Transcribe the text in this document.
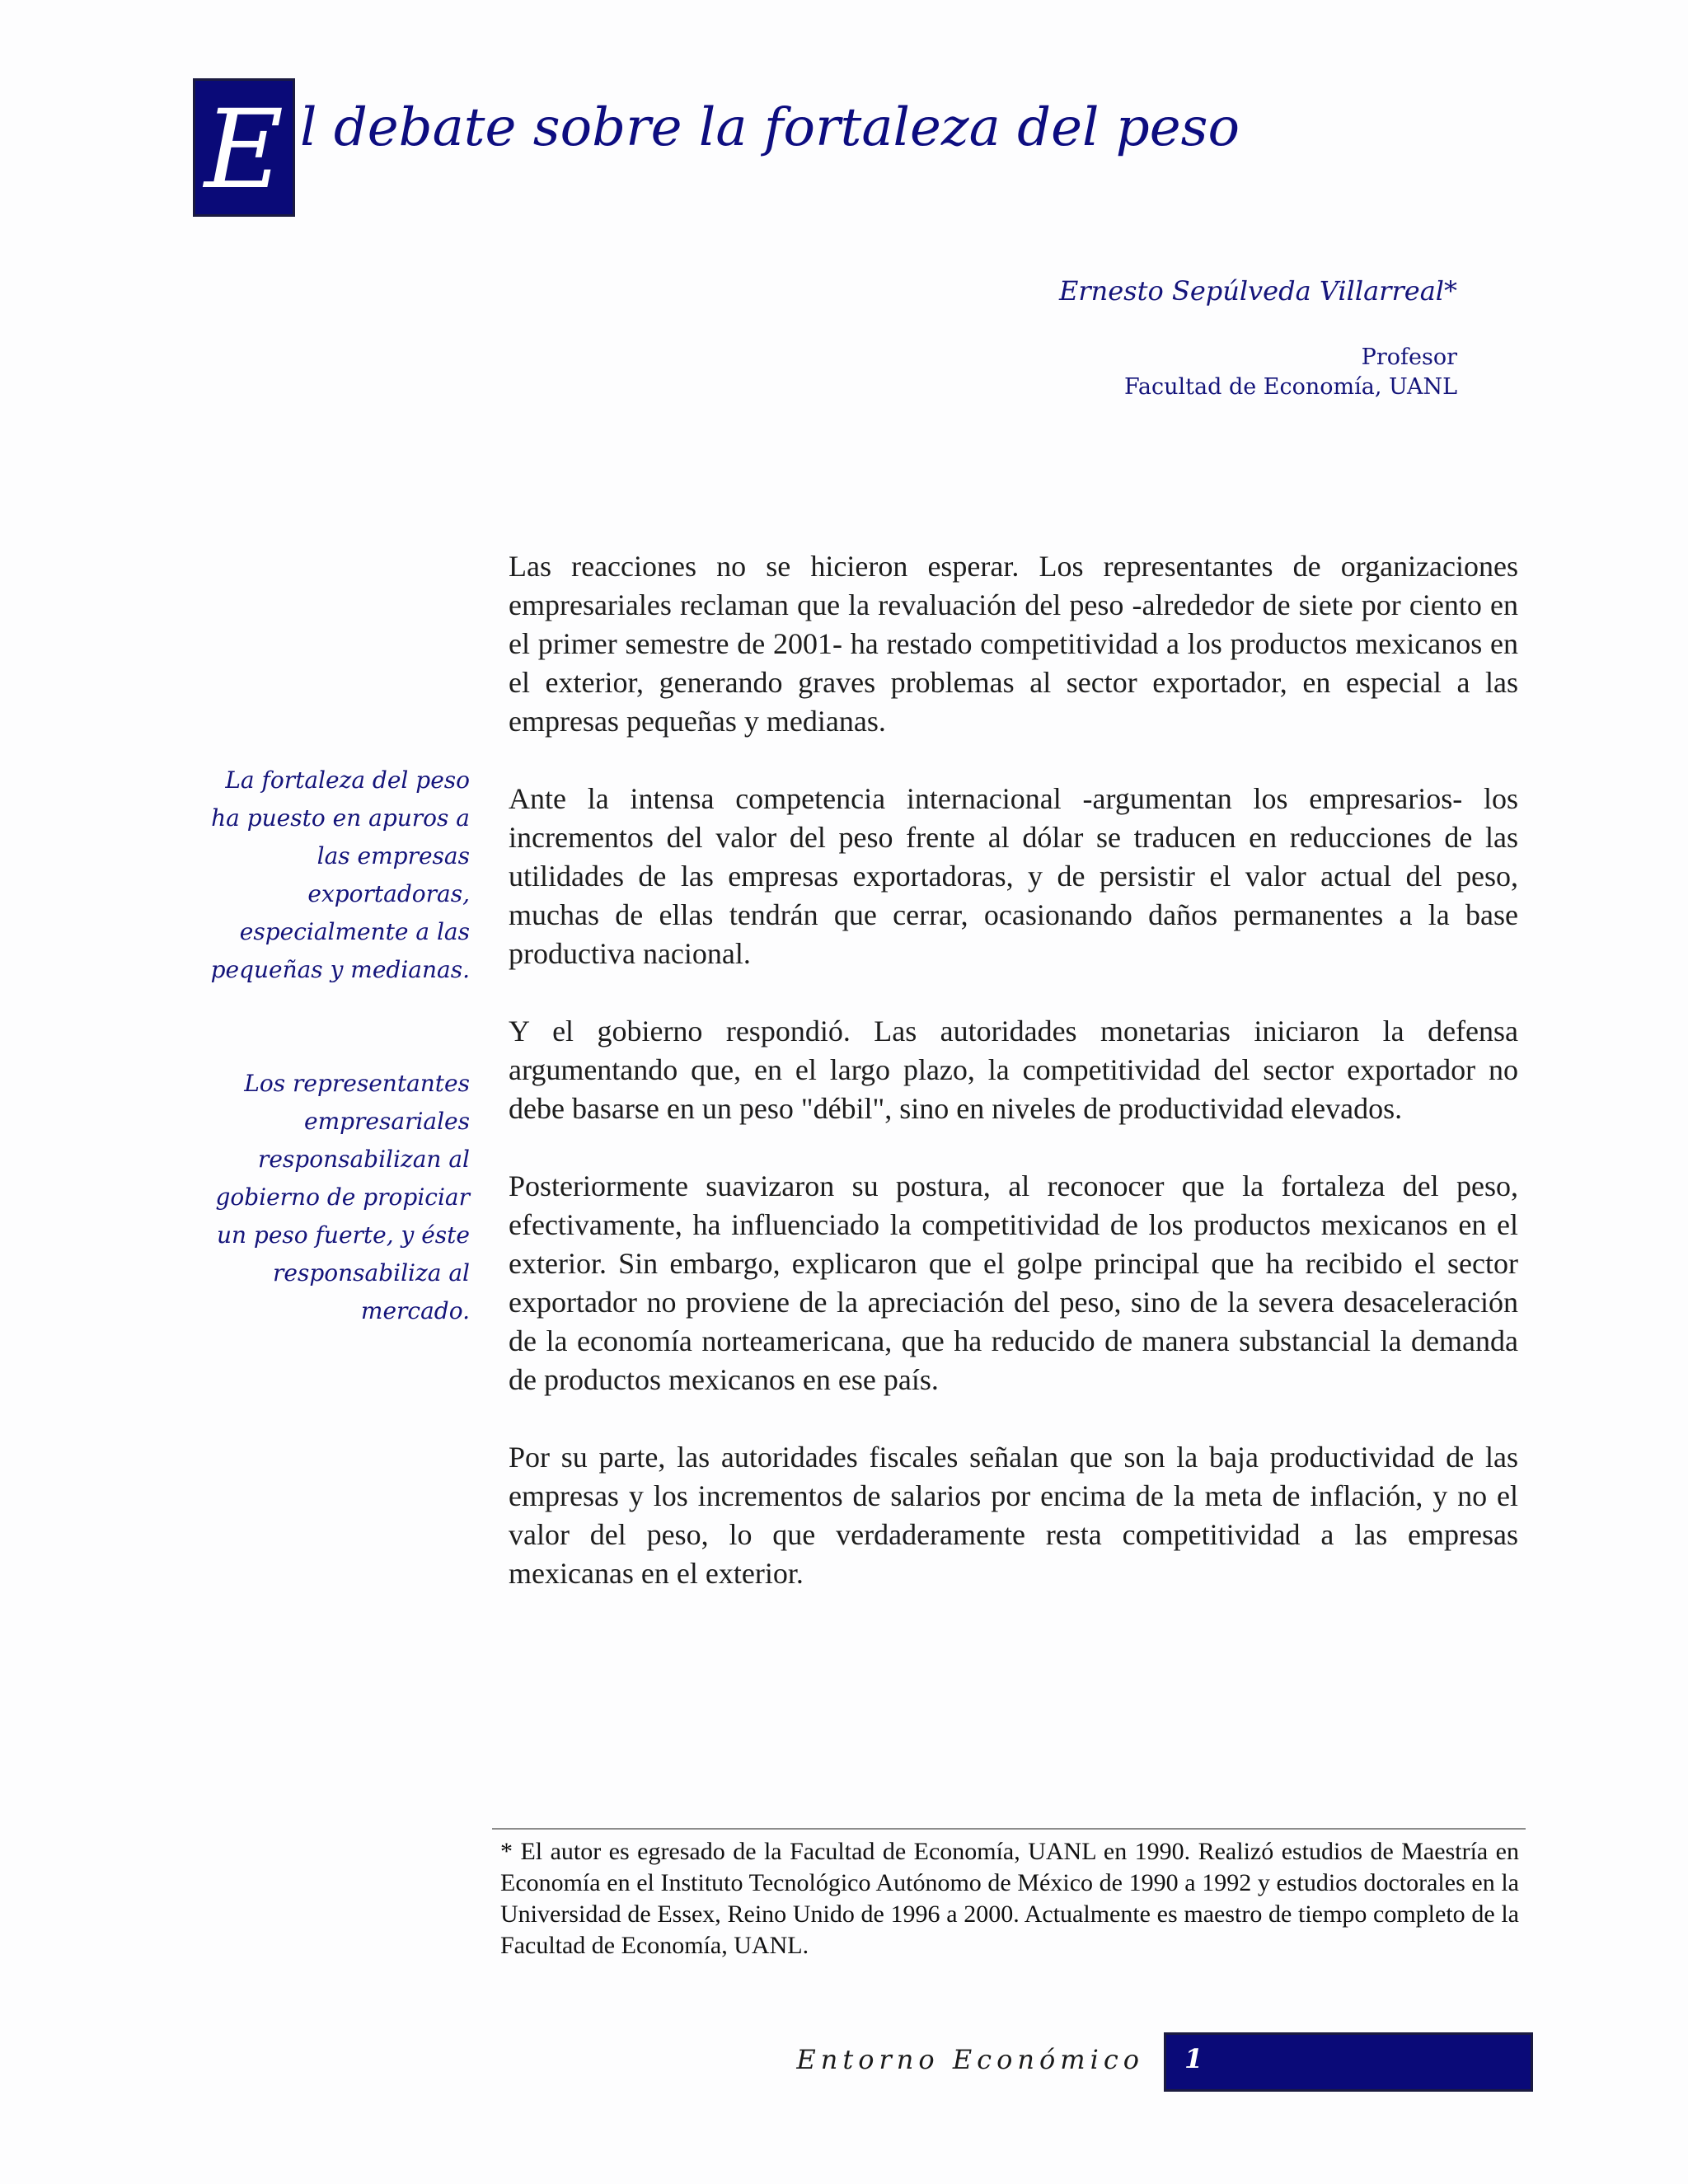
E l debate sobre la fortaleza del peso
Ernesto Sepúlveda Villarreal*
Profesor
Facultad de Economía, UANL
La fortaleza del peso ha puesto en apuros a las empresas exportadoras, especialmente a las pequeñas y medianas.
Los representantes empresariales responsabilizan al gobierno de propiciar un peso fuerte, y éste responsabiliza al mercado.

Las reacciones no se hicieron esperar. Los representantes de organizaciones empresariales reclaman que la revaluación del peso -alrededor de siete por ciento en el primer semestre de 2001- ha restado competitividad a los productos mexicanos en el exterior, generando graves problemas al sector exportador, en especial a las empresas pequeñas y medianas.

Ante la intensa competencia internacional -argumentan los empresarios- los incrementos del valor del peso frente al dólar se traducen en reducciones de las utilidades de las empresas exportadoras, y de persistir el valor actual del peso, muchas de ellas tendrán que cerrar, ocasionando daños permanentes a la base productiva nacional.

Y el gobierno respondió. Las autoridades monetarias iniciaron la defensa argumentando que, en el largo plazo, la competitividad del sector exportador no debe basarse en un peso "débil", sino en niveles de productividad elevados.

Posteriormente suavizaron su postura, al reconocer que la fortaleza del peso, efectivamente, ha influenciado la competitividad de los productos mexicanos en el exterior. Sin embargo, explicaron que el golpe principal que ha recibido el sector exportador no proviene de la apreciación del peso, sino de la severa desaceleración de la economía norteamericana, que ha reducido de manera substancial la demanda de productos mexicanos en ese país.

Por su parte, las autoridades fiscales señalan que son la baja productividad de las empresas y los incrementos de salarios por encima de la meta de inflación, y no el valor del peso, lo que verdaderamente resta competitividad a las empresas mexicanas en el exterior.

* El autor es egresado de la Facultad de Economía, UANL en 1990. Realizó estudios de Maestría en Economía en el Instituto Tecnológico Autónomo de México de 1990 a 1992 y estudios doctorales en la Universidad de Essex, Reino Unido de 1996 a 2000. Actualmente es maestro de tiempo completo de la Facultad de Economía, UANL.
Entorno Económico 1
